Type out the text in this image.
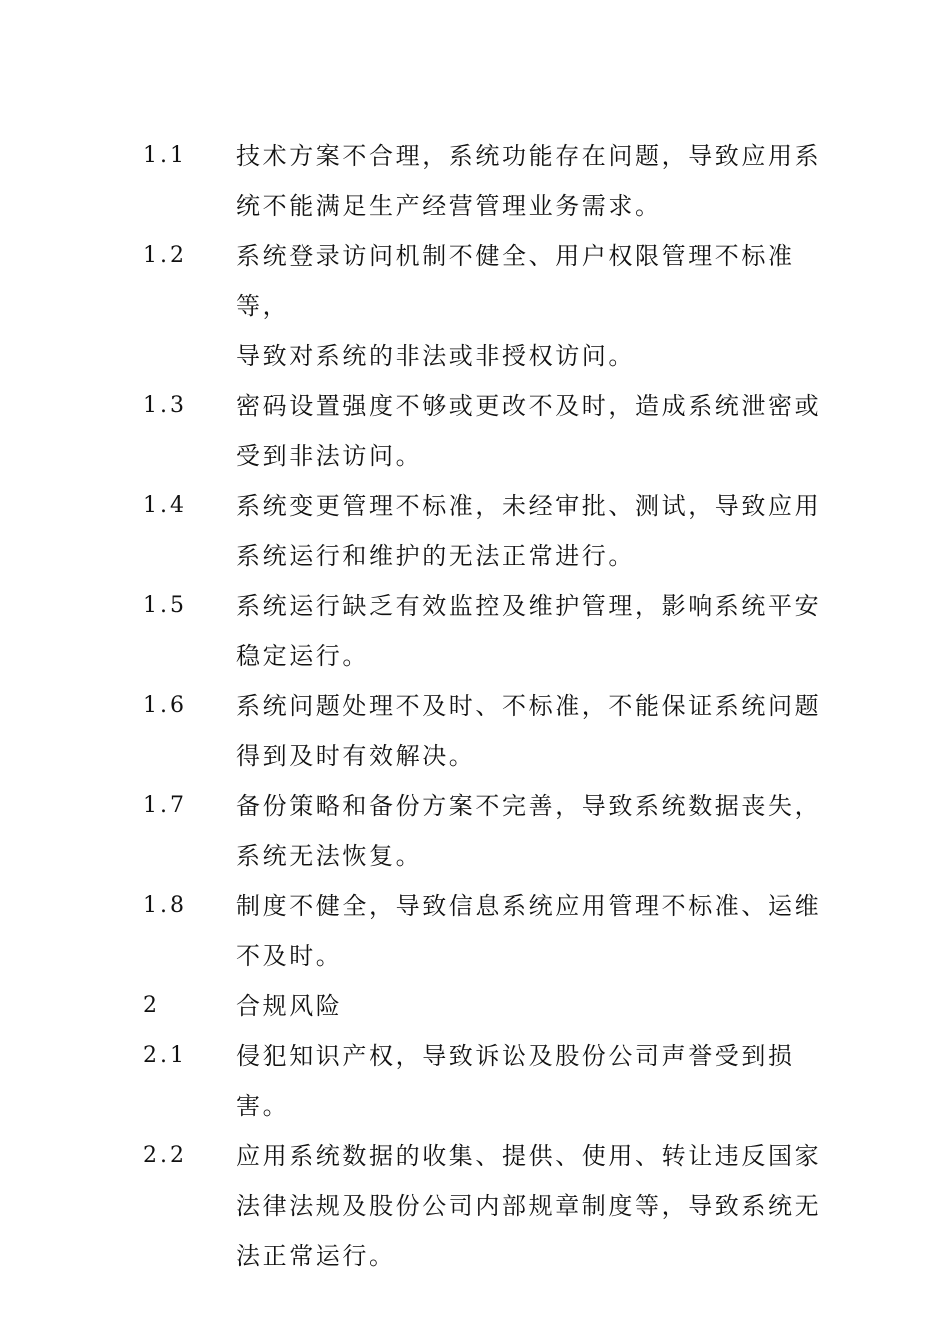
1.1	技术方案不合理，系统功能存在问题，导致应用系
统不能满足生产经营管理业务需求。
1.2	系统登录访问机制不健全、用户权限管理不标准等，
导致对系统的非法或非授权访问。
1.3	密码设置强度不够或更改不及时，造成系统泄密或
受到非法访问。
1.4	系统变更管理不标准，未经审批、测试，导致应用
系统运行和维护的无法正常进行。
1.5	系统运行缺乏有效监控及维护管理，影响系统平安
稳定运行。
1.6	系统问题处理不及时、不标准，不能保证系统问题
得到及时有效解决。
1.7	备份策略和备份方案不完善，导致系统数据丧失，
系统无法恢复。
1.8	制度不健全，导致信息系统应用管理不标准、运维
不及时。
2	合规风险
2.1	侵犯知识产权，导致诉讼及股份公司声誉受到损害。
2.2	应用系统数据的收集、提供、使用、转让违反国家
法律法规及股份公司内部规章制度等，导致系统无
法正常运行。
